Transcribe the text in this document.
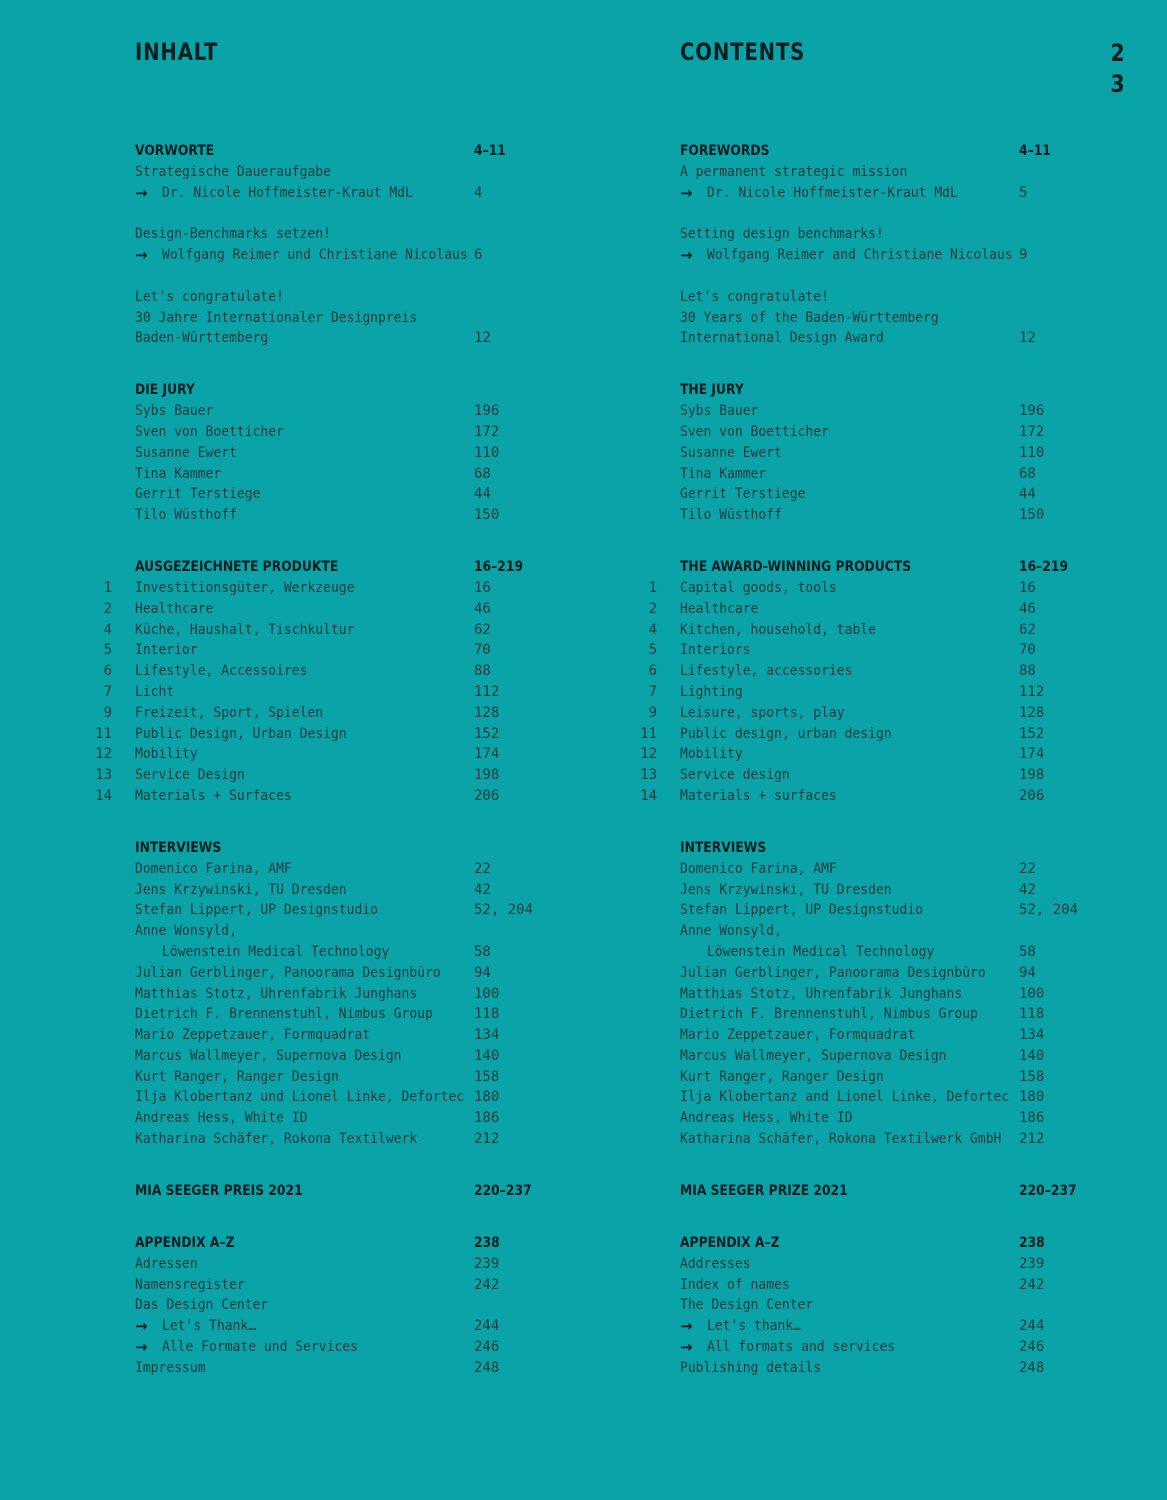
INHALT
VORWORTE	4–11
Strategische Daueraufgabe
→ Dr. Nicole Hoffmeister-Kraut MdL	4
Design-Benchmarks setzen!
→ Wolfgang Reimer und Christiane Nicolaus 6
Let's congratulate!
30 Jahre Internationaler Designpreis
Baden-Württemberg	12
DIE JURY
Sybs Bauer	196
Sven von Boetticher	172
Susanne Ewert	110
Tina Kammer	68
Gerrit Terstiege	44
Tilo Wüsthoff	150
AUSGEZEICHNETE PRODUKTE	16–219
1 Investitionsgüter, Werkzeuge	16
2 Healthcare	46
4 Küche, Haushalt, Tischkultur	62
5 Interior	70
6 Lifestyle, Accessoires	88
7 Licht	112
9 Freizeit, Sport, Spielen	128
11 Public Design, Urban Design	152
12 Mobility	174
13 Service Design	198
14 Materials + Surfaces	206
INTERVIEWS
Domenico Farina, AMF	22
Jens Krzywinski, TU Dresden	42
Stefan Lippert, UP Designstudio	52, 204
Anne Wonsyld,
Löwenstein Medical Technology	58
Julian Gerblinger, Panoorama Designbüro 94
Matthias Stotz, Uhrenfabrik Junghans	100
Dietrich F. Brennenstuhl, Nimbus Group	118
Mario Zeppetzauer, Formquadrat	134
Marcus Wallmeyer, Supernova Design	140
Kurt Ranger, Ranger Design	158
Ilja Klobertanz und Lionel Linke, Defortec 180
Andreas Hess, White ID	186
Katharina Schäfer, Rokona Textilwerk	212
MIA SEEGER PREIS 2021	220–237
APPENDIX A–Z	238
Adressen	239
Namensregister	242
Das Design Center
→ Let's Thank…	244
→ Alle Formate und Services	246
Impressum	248
CONTENTS
FOREWORDS	4–11
A permanent strategic mission
→ Dr. Nicole Hoffmeister-Kraut MdL	5
Setting design benchmarks!
→ Wolfgang Reimer and Christiane Nicolaus 9
Let's congratulate!
30 Years of the Baden-Württemberg
International Design Award	12
THE JURY
Sybs Bauer	196
Sven von Boetticher	172
Susanne Ewert	110
Tina Kammer	68
Gerrit Terstiege	44
Tilo Wüsthoff	150
THE AWARD-WINNING PRODUCTS	16–219
1 Capital goods, tools	16
2 Healthcare	46
4 Kitchen, household, table	62
5 Interiors	70
6 Lifestyle, accessories	88
7 Lighting	112
9 Leisure, sports, play	128
11 Public design, urban design	152
12 Mobility	174
13 Service design	198
14 Materials + surfaces	206
INTERVIEWS
Domenico Farina, AMF	22
Jens Krzywinski, TU Dresden	42
Stefan Lippert, UP Designstudio	52, 204
Anne Wonsyld,
Löwenstein Medical Technology	58
Julian Gerblinger, Panoorama Designbüro 94
Matthias Stotz, Uhrenfabrik Junghans	100
Dietrich F. Brennenstuhl, Nimbus Group	118
Mario Zeppetzauer, Formquadrat	134
Marcus Wallmeyer, Supernova Design	140
Kurt Ranger, Ranger Design	158
Ilja Klobertanz and Lionel Linke, Defortec 180
Andreas Hess, White ID	186
Katharina Schäfer, Rokona Textilwerk GmbH 212
MIA SEEGER PRIZE 2021	220–237
APPENDIX A–Z	238
Addresses	239
Index of names	242
The Design Center
→ Let's thank…	244
→ All formats and services	246
Publishing details	248
2
3
